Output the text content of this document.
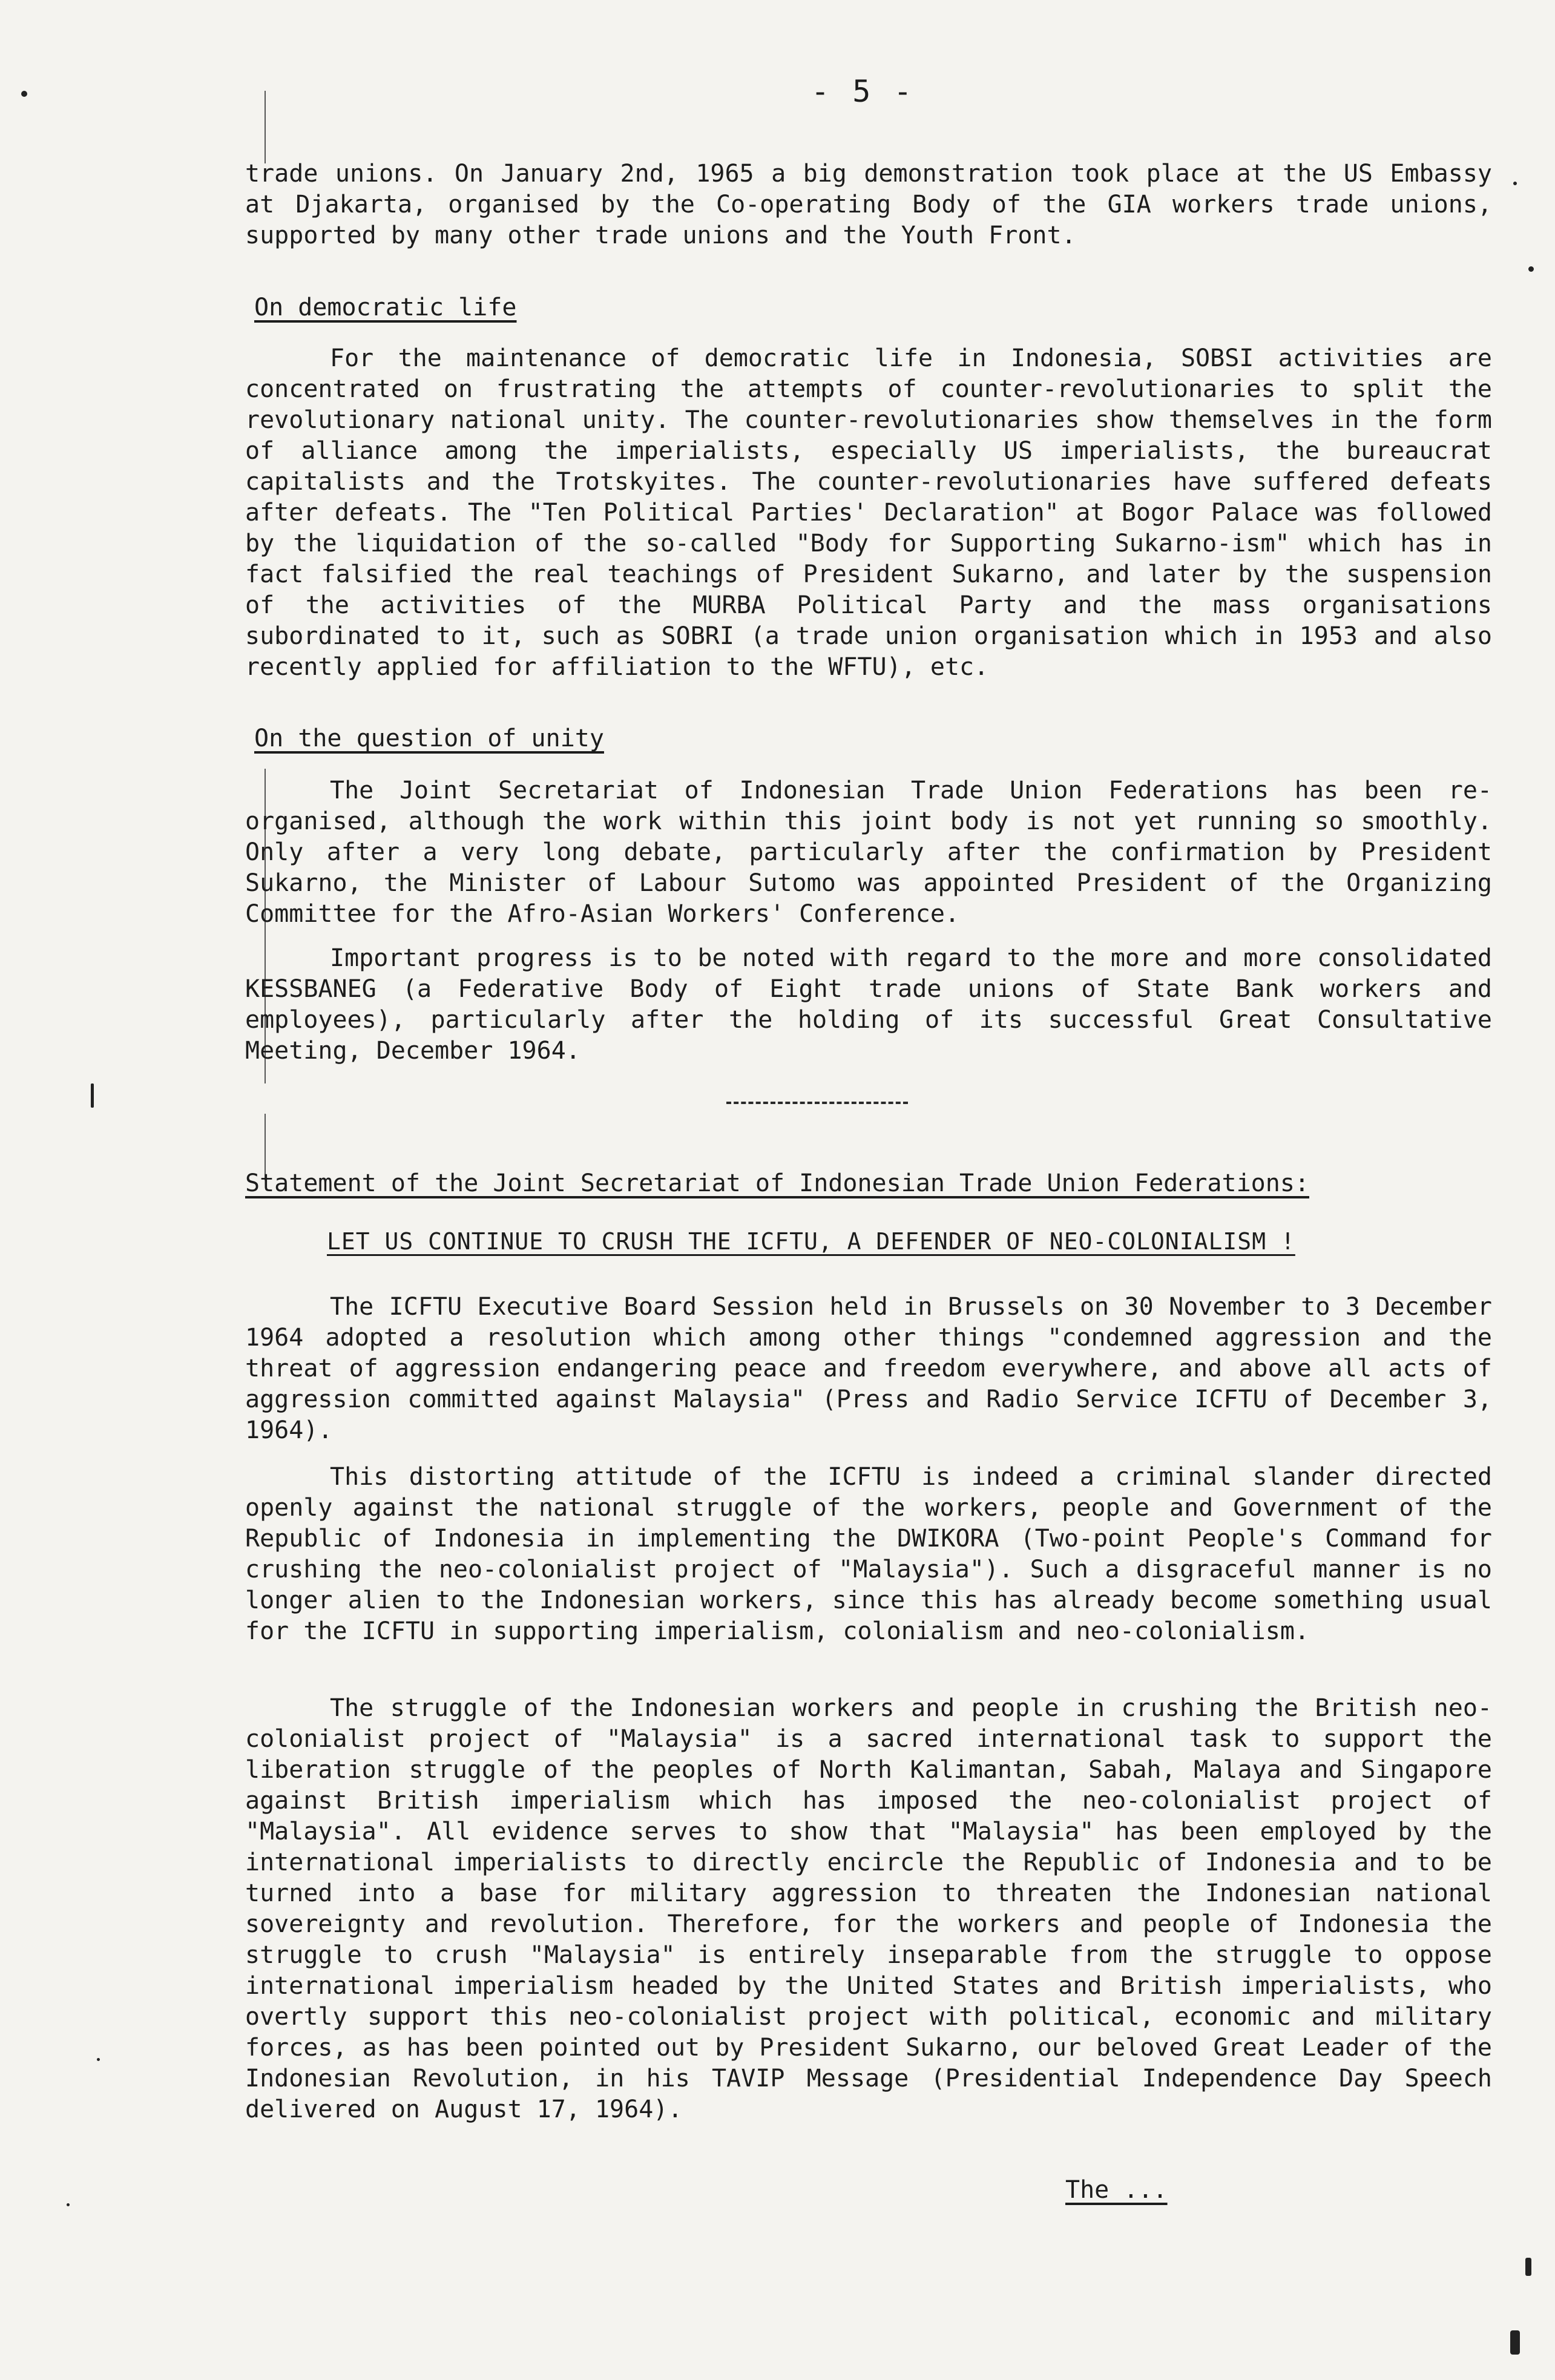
- 5 -
trade unions. On January 2nd, 1965 a big demonstration took place at the US Embassy at Djakarta, organised by the Co-operating Body of the GIA workers trade unions, supported by many other trade unions and the Youth Front.
On democratic life
For the maintenance of democratic life in Indonesia, SOBSI activities are concentrated on frustrating the attempts of counter-revolutionaries to split the revolutionary national unity. The counter-revolutionaries show themselves in the form of alliance among the imperialists, especially US imperialists, the bureaucrat capitalists and the Trotskyites. The counter-revolutionaries have suffered defeats after defeats. The "Ten Political Parties' Declaration" at Bogor Palace was followed by the liquidation of the so-called "Body for Supporting Sukarno-ism" which has in fact falsified the real teachings of President Sukarno, and later by the suspension of the activities of the MURBA Political Party and the mass organisations subordinated to it, such as SOBRI (a trade union organisation which in 1953 and also recently applied for affiliation to the WFTU), etc.
On the question of unity
The Joint Secretariat of Indonesian Trade Union Federations has been re-organised, although the work within this joint body is not yet running so smoothly. Only after a very long debate, particularly after the confirmation by President Sukarno, the Minister of Labour Sutomo was appointed President of the Organizing Committee for the Afro-Asian Workers' Conference.
Important progress is to be noted with regard to the more and more consolidated KESSBANEG (a Federative Body of Eight trade unions of State Bank workers and employees), particularly after the holding of its successful Great Consultative Meeting, December 1964.
Statement of the Joint Secretariat of Indonesian Trade Union Federations:
LET US CONTINUE TO CRUSH THE ICFTU, A DEFENDER OF NEO-COLONIALISM !
The ICFTU Executive Board Session held in Brussels on 30 November to 3 December 1964 adopted a resolution which among other things "condemned aggression and the threat of aggression endangering peace and freedom everywhere, and above all acts of aggression committed against Malaysia" (Press and Radio Service ICFTU of December 3, 1964).
This distorting attitude of the ICFTU is indeed a criminal slander directed openly against the national struggle of the workers, people and Government of the Republic of Indonesia in implementing the DWIKORA (Two-point People's Command for crushing the neo-colonialist project of "Malaysia"). Such a disgraceful manner is no longer alien to the Indonesian workers, since this has already become something usual for the ICFTU in supporting imperialism, colonialism and neo-colonialism.
The struggle of the Indonesian workers and people in crushing the British neo-colonialist project of "Malaysia" is a sacred international task to support the liberation struggle of the peoples of North Kalimantan, Sabah, Malaya and Singapore against British imperialism which has imposed the neo-colonialist project of "Malaysia". All evidence serves to show that "Malaysia" has been employed by the international imperialists to directly encircle the Republic of Indonesia and to be turned into a base for military aggression to threaten the Indonesian national sovereignty and revolution. Therefore, for the workers and people of Indonesia the struggle to crush "Malaysia" is entirely inseparable from the struggle to oppose international imperialism headed by the United States and British imperialists, who overtly support this neo-colonialist project with political, economic and military forces, as has been pointed out by President Sukarno, our beloved Great Leader of the Indonesian Revolution, in his TAVIP Message (Presidential Independence Day Speech delivered on August 17, 1964).
The ...
